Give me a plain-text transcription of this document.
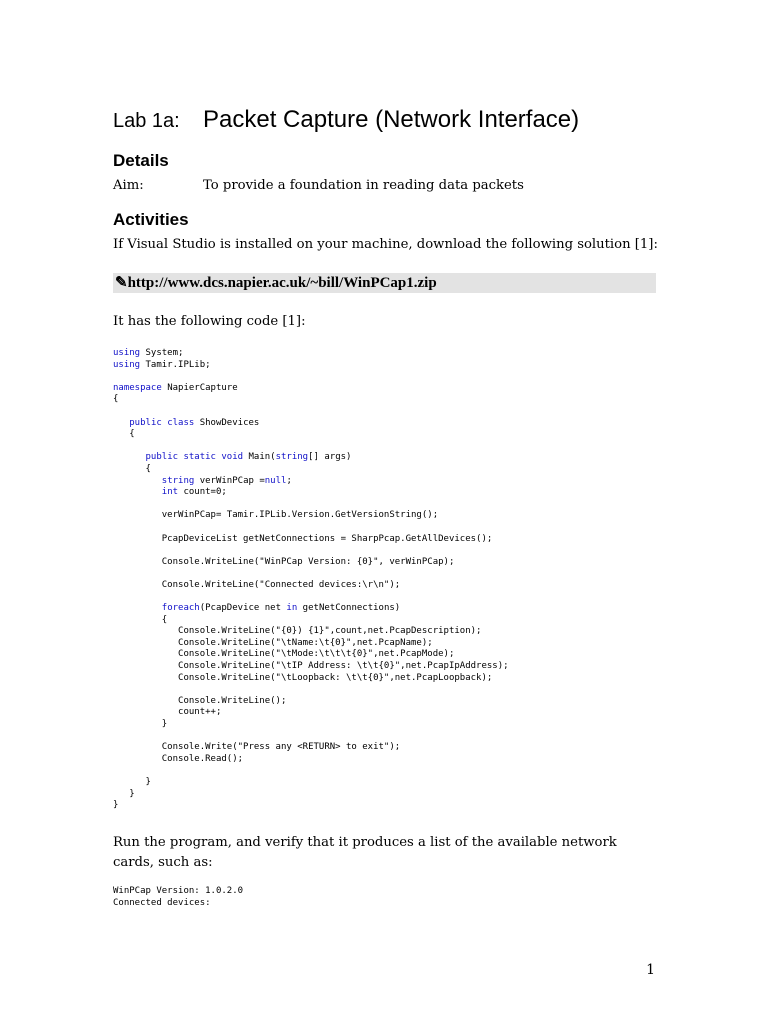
Lab 1a: Packet Capture (Network Interface)
Details
Aim:	To provide a foundation in reading data packets
Activities
If Visual Studio is installed on your machine, download the following solution [1]:
✎http://www.dcs.napier.ac.uk/~bill/WinPCap1.zip
It has the following code [1]:
using System;
using Tamir.IPLib;

namespace NapierCapture
{

public class ShowDevices
{

public static void Main(string[] args)
{
string verWinPCap =null;
int count=0;

verWinPCap= Tamir.IPLib.Version.GetVersionString();

PcapDeviceList getNetConnections = SharpPcap.GetAllDevices();

Console.WriteLine("WinPCap Version: {0}", verWinPCap);

Console.WriteLine("Connected devices:\r\n");

foreach(PcapDevice net in getNetConnections)
{
Console.WriteLine("{0}) {1}",count,net.PcapDescription);
Console.WriteLine("\tName:\t{0}",net.PcapName);
Console.WriteLine("\tMode:\t\t\t{0}",net.PcapMode);
Console.WriteLine("\tIP Address: \t\t{0}",net.PcapIpAddress);
Console.WriteLine("\tLoopback: \t\t{0}",net.PcapLoopback);

Console.WriteLine();
count++;
}

Console.Write("Press any <RETURN> to exit");
Console.Read();

}
}
}
Run the program, and verify that it produces a list of the available network cards, such as:
WinPCap Version: 1.0.2.0
Connected devices:
1
